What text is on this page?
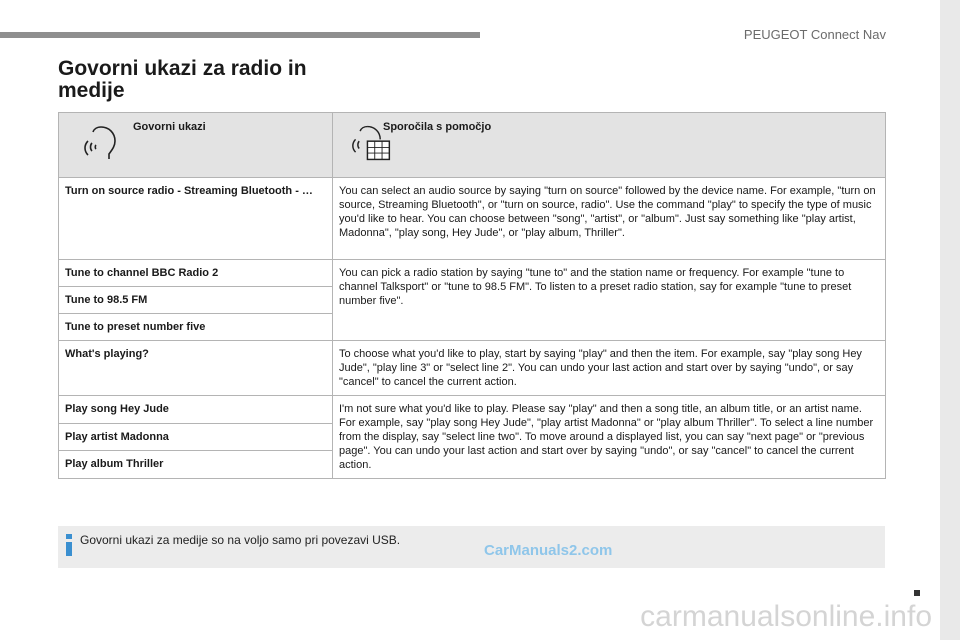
PEUGEOT Connect Nav
Govorni ukazi za radio in medije
Govorni ukazi	Sporočila s pomočjo

Turn on source radio - Streaming Bluetooth - …	You can select an audio source by saying "turn on source" followed by the device name. For example, "turn on source, Streaming Bluetooth", or "turn on source, radio". Use the command "play" to specify the type of music you'd like to hear. You can choose between "song", "artist", or "album". Just say something like "play artist, Madonna", "play song, Hey Jude", or "play album, Thriller".
Tune to channel BBC Radio 2	You can pick a radio station by saying "tune to" and the station name or frequency. For example "tune to channel Talksport" or "tune to 98.5 FM". To listen to a preset radio station, say for example "tune to preset number five".
Tune to 98.5 FM	
Tune to preset number five	
What's playing?	To choose what you'd like to play, start by saying "play" and then the item. For example, say "play song Hey Jude", "play line 3" or "select line 2". You can undo your last action and start over by saying "undo", or say "cancel" to cancel the current action.
Play song Hey Jude	I'm not sure what you'd like to play. Please say "play" and then a song title, an album title, or an artist name. For example, say "play song Hey Jude", "play artist Madonna" or "play album Thriller". To select a line number from the display, say "select line two". To move around a displayed list, you can say "next page" or "previous page". You can undo your last action and start over by saying "undo", or say "cancel" to cancel the current action.
Play artist Madonna	
Play album Thriller	
Govorni ukazi za medije so na voljo samo pri povezavi USB.
CarManuals2.com
carmanualsonline.info
